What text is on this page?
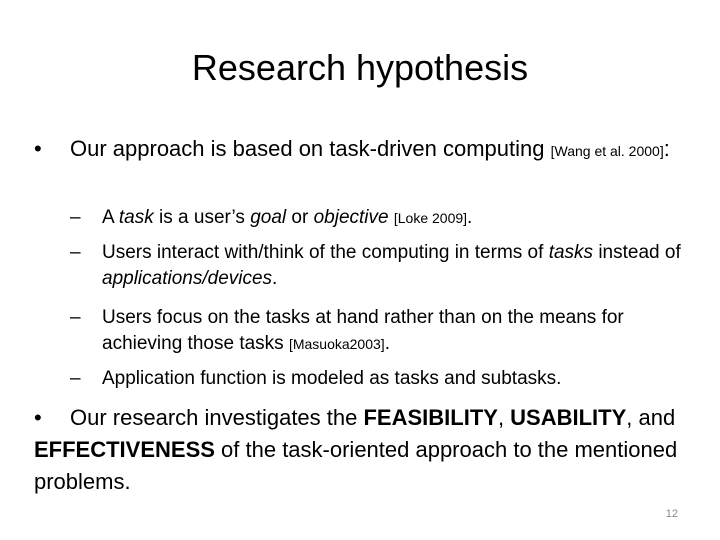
Research hypothesis
• Our approach is based on task-driven computing [Wang et al. 2000]:
–	A task is a user’s goal or objective [Loke 2009].
–	Users interact with/think of the computing in terms of tasks instead of applications/devices.
–	Users focus on the tasks at hand rather than on the means for achieving those tasks [Masuoka2003].
–	Application function is modeled as tasks and subtasks.
• Our research investigates the FEASIBILITY, USABILITY, and EFFECTIVENESS of the task-oriented approach to the mentioned problems.
12
